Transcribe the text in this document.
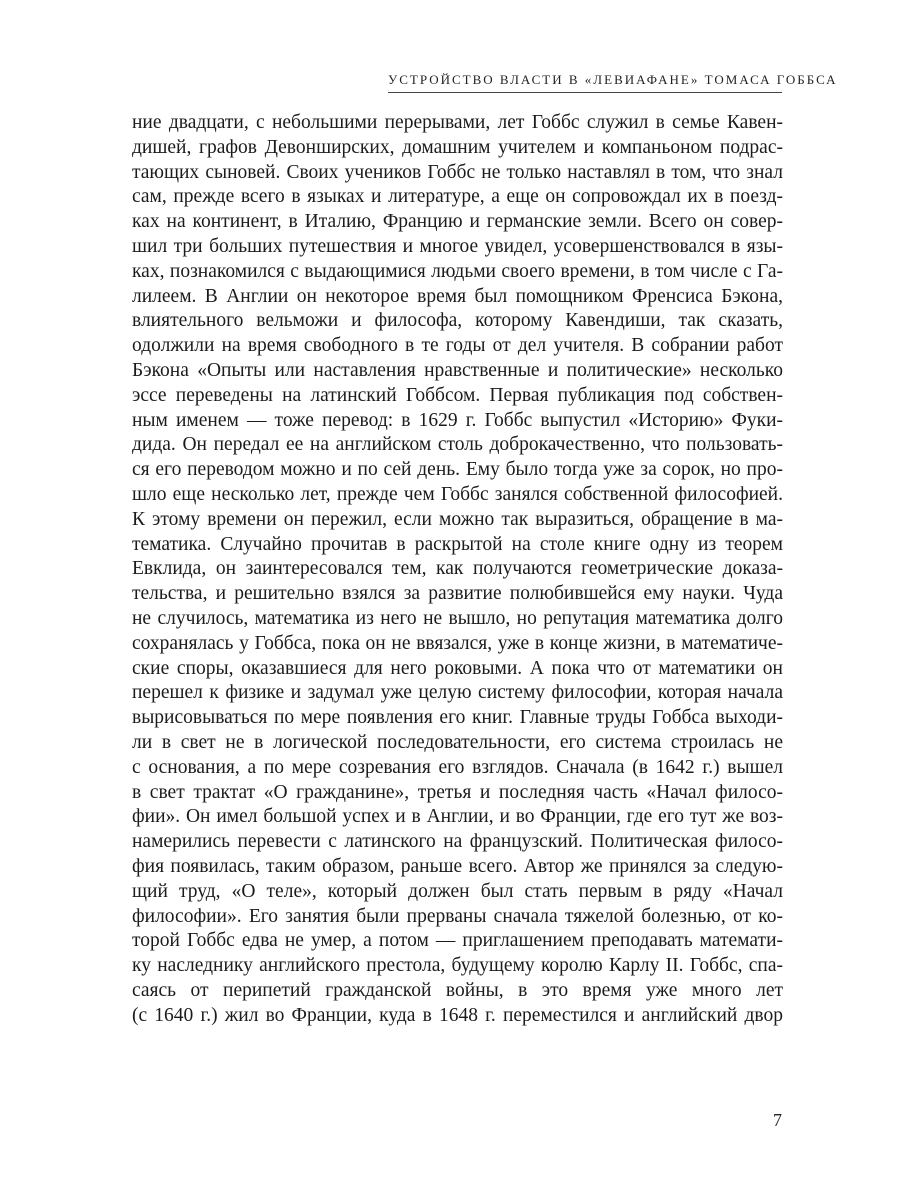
УСТРОЙСТВО ВЛАСТИ В «ЛЕВИАФАНЕ» ТОМАСА ГОББСА
ние двадцати, с небольшими перерывами, лет Гоббс служил в семье Кавен-
дишей, графов Девонширских, домашним учителем и компаньоном подрас-
тающих сыновей. Своих учеников Гоббс не только наставлял в том, что знал
сам, прежде всего в языках и литературе, а еще он сопровождал их в поезд-
ках на континент, в Италию, Францию и германские земли. Всего он совер-
шил три больших путешествия и многое увидел, усовершенствовался в язы-
ках, познакомился с выдающимися людьми своего времени, в том числе с Га-
лилеем. В Англии он некоторое время был помощником Френсиса Бэкона,
влиятельного вельможи и философа, которому Кавендиши, так сказать,
одолжили на время свободного в те годы от дел учителя. В собрании работ
Бэкона «Опыты или наставления нравственные и политические» несколько
эссе переведены на латинский Гоббсом. Первая публикация под собствен-
ным именем — тоже перевод: в 1629 г. Гоббс выпустил «Историю» Фуки-
дида. Он передал ее на английском столь доброкачественно, что пользовать-
ся его переводом можно и по сей день. Ему было тогда уже за сорок, но про-
шло еще несколько лет, прежде чем Гоббс занялся собственной философией.
К этому времени он пережил, если можно так выразиться, обращение в ма-
тематика. Случайно прочитав в раскрытой на столе книге одну из теорем
Евклида, он заинтересовался тем, как получаются геометрические доказа-
тельства, и решительно взялся за развитие полюбившейся ему науки. Чуда
не случилось, математика из него не вышло, но репутация математика долго
сохранялась у Гоббса, пока он не ввязался, уже в конце жизни, в математиче-
ские споры, оказавшиеся для него роковыми. А пока что от математики он
перешел к физике и задумал уже целую систему философии, которая начала
вырисовываться по мере появления его книг. Главные труды Гоббса выходи-
ли в свет не в логической последовательности, его система строилась не
с основания, а по мере созревания его взглядов. Сначала (в 1642 г.) вышел
в свет трактат «О гражданине», третья и последняя часть «Начал филосо-
фии». Он имел большой успех и в Англии, и во Франции, где его тут же воз-
намерились перевести с латинского на французский. Политическая филосо-
фия появилась, таким образом, раньше всего. Автор же принялся за следую-
щий труд, «О теле», который должен был стать первым в ряду «Начал
философии». Его занятия были прерваны сначала тяжелой болезнью, от ко-
торой Гоббс едва не умер, а потом — приглашением преподавать математи-
ку наследнику английского престола, будущему королю Карлу II. Гоббс, спа-
саясь от перипетий гражданской войны, в это время уже много лет
(с 1640 г.) жил во Франции, куда в 1648 г. переместился и английский двор
7
